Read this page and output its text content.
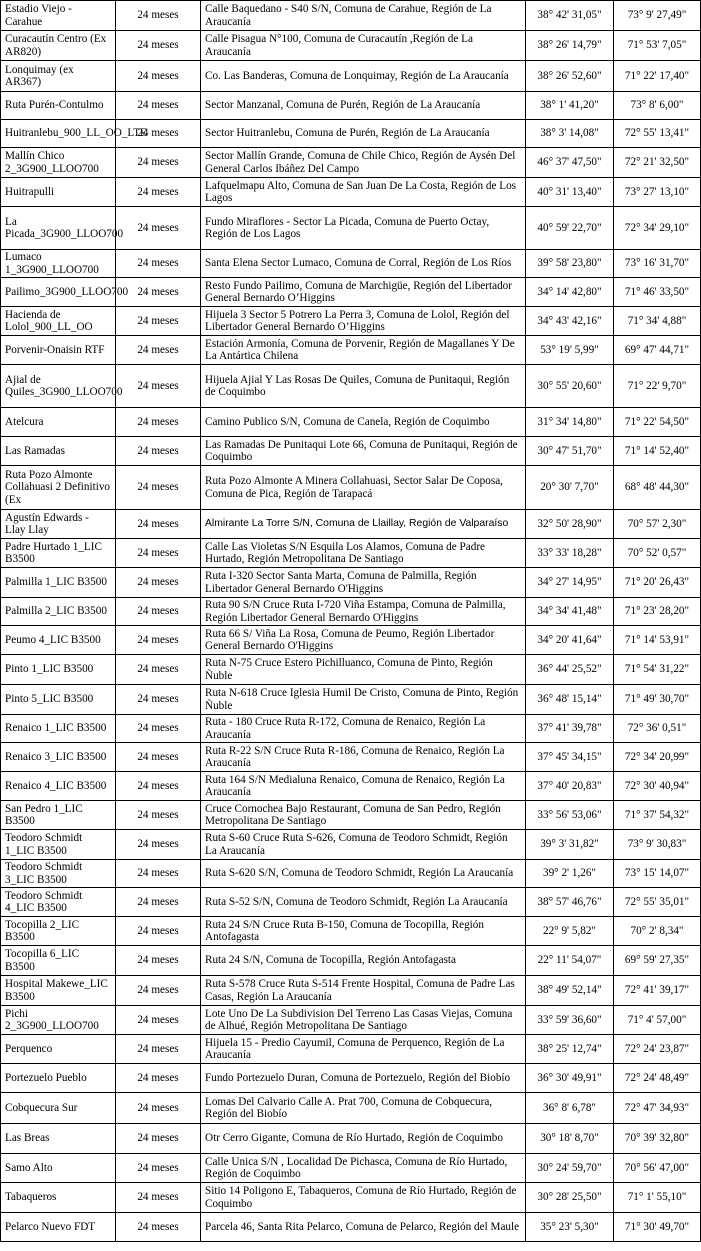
Estadio Viejo - Carahue	24 meses	Calle Baquedano - S40 S/N, Comuna de Carahue, Región de La Araucanía	38° 42' 31,05"	73° 9' 27,49"
Curacautín Centro (Ex AR820)	24 meses	Calle Pisagua N°100, Comuna de Curacautín ,Región de La Araucanía	38° 26' 14,79"	71° 53' 7,05"
Lonquimay (ex AR367)	24 meses	Co. Las Banderas, Comuna de Lonquimay, Región de La Araucanía	38° 26' 52,60"	71° 22' 17,40"
Ruta Purén-Contulmo	24 meses	Sector Manzanal, Comuna de Purén, Región de La Araucanía	38° 1' 41,20"	73° 8' 6,00"
Huitranlebu_900_LL_OO_LTE	24 meses	Sector Huitranlebu, Comuna de Purén, Región de La Araucanía	38° 3' 14,08"	72° 55' 13,41"
Mallín Chico 2_3G900_LLOO700	24 meses	Sector Mallín Grande, Comuna de Chile Chico, Región de Aysén Del General Carlos Ibáñez Del Campo	46° 37' 47,50"	72° 21' 32,50"
Huitrapulli	24 meses	Lafquelmapu Alto, Comuna de San Juan De La Costa, Región de Los Lagos	40° 31' 13,40"	73° 27' 13,10"
La Picada_3G900_LLOO700	24 meses	Fundo Miraflores - Sector La Picada, Comuna de Puerto Octay, Región de Los Lagos	40° 59' 22,70"	72° 34' 29,10"
Lumaco 1_3G900_LLOO700	24 meses	Santa Elena Sector Lumaco, Comuna de Corral, Región de Los Ríos	39° 58' 23,80"	73° 16' 31,70"
Pailimo_3G900_LLOO700	24 meses	Resto Fundo Pailimo, Comuna de Marchigüe, Región del Libertador General Bernardo O’Higgins	34° 14' 42,80"	71° 46' 33,50"
Hacienda de Lolol_900_LL_OO	24 meses	Hijuela 3 Sector 5 Potrero La Perra 3, Comuna de Lolol, Región del Libertador General Bernardo O’Higgins	34° 43' 42,16"	71° 34' 4,88"
Porvenir-Onaisin RTF	24 meses	Estación Armonía, Comuna de Porvenir, Región de Magallanes Y De La Antártica Chilena	53° 19' 5,99"	69° 47' 44,71"
Ajial de Quiles_3G900_LLOO700	24 meses	Hijuela Ajial Y Las Rosas De Quiles, Comuna de Punitaqui, Región de Coquimbo	30° 55' 20,60"	71° 22' 9,70"
Atelcura	24 meses	Camino Publico S/N, Comuna de Canela, Región de Coquimbo	31° 34' 14,80"	71° 22' 54,50"
Las Ramadas	24 meses	Las Ramadas De Punitaqui Lote 66, Comuna de Punitaqui, Región de Coquimbo	30° 47' 51,70"	71° 14' 52,40"
Ruta Pozo Almonte Collahuasi 2 Definitivo (Ex	24 meses	Ruta Pozo Almonte A Minera Collahuasi, Sector Salar De Coposa, Comuna de Pica, Región de Tarapacá	20° 30' 7,70"	68° 48' 44,30"
Agustín Edwards - Llay Llay	24 meses	Almirante La Torre S/N, Comuna de Llaillay, Región de Valparaíso	32° 50' 28,90"	70° 57' 2,30"
Padre Hurtado 1_LIC B3500	24 meses	Calle Las Violetas S/N Esquila Los Alamos, Comuna de Padre Hurtado, Región Metropolitana De Santiago	33° 33' 18,28"	70° 52' 0,57"
Palmilla 1_LIC B3500	24 meses	Ruta I-320 Sector Santa Marta, Comuna de Palmilla, Región Libertador General Bernardo O'Higgins	34° 27' 14,95"	71° 20' 26,43"
Palmilla 2_LIC B3500	24 meses	Ruta 90 S/N Cruce Ruta I-720 Viña Estampa, Comuna de Palmilla, Región Libertador General Bernardo O'Higgins	34° 34' 41,48"	71° 23' 28,20"
Peumo 4_LIC B3500	24 meses	Ruta 66 S/ Viña La Rosa, Comuna de Peumo, Región Libertador General Bernardo O'Higgins	34° 20' 41,64"	71° 14' 53,91"
Pinto 1_LIC B3500	24 meses	Ruta N-75 Cruce Estero Pichilluanco, Comuna de Pinto, Región Ñuble	36° 44' 25,52"	71° 54' 31,22"
Pinto 5_LIC B3500	24 meses	Ruta N-618 Cruce Iglesia Humil De Cristo, Comuna de Pinto, Región Ñuble	36° 48' 15,14"	71° 49' 30,70"
Renaico 1_LIC B3500	24 meses	Ruta - 180 Cruce Ruta R-172, Comuna de Renaico, Región La Araucanía	37° 41' 39,78"	72° 36' 0,51"
Renaico 3_LIC B3500	24 meses	Ruta R-22 S/N Cruce Ruta R-186, Comuna de Renaico, Región La Araucanía	37° 45' 34,15"	72° 34' 20,99"
Renaico 4_LIC B3500	24 meses	Ruta 164 S/N Medialuna Renaico, Comuna de Renaico, Región La Araucanía	37° 40' 20,83"	72° 30' 40,94"
San Pedro 1_LIC B3500	24 meses	Cruce Cornochea Bajo Restaurant, Comuna de San Pedro, Región Metropolitana De Santiago	33° 56' 53,06"	71° 37' 54,32"
Teodoro Schmidt 1_LIC B3500	24 meses	Ruta S-60 Cruce Ruta S-626, Comuna de Teodoro Schmidt, Región La Araucanía	39° 3' 31,82"	73° 9' 30,83"
Teodoro Schmidt 3_LIC B3500	24 meses	Ruta S-620 S/N, Comuna de Teodoro Schmidt, Región La Araucanía	39° 2' 1,26"	73° 15' 14,07"
Teodoro Schmidt 4_LIC B3500	24 meses	Ruta S-52 S/N, Comuna de Teodoro Schmidt, Región La Araucanía	38° 57' 46,76"	72° 55' 35,01"
Tocopilla 2_LIC B3500	24 meses	Ruta 24 S/N Cruce Ruta B-150, Comuna de Tocopilla, Región Antofagasta	22° 9' 5,82"	70° 2' 8,34"
Tocopilla 6_LIC B3500	24 meses	Ruta 24 S/N, Comuna de Tocopilla, Región Antofagasta	22° 11' 54,07"	69° 59' 27,35"
Hospital Makewe_LIC B3500	24 meses	Ruta S-578 Cruce Ruta S-514 Frente Hospital, Comuna de Padre Las Casas, Región La Araucanía	38° 49' 52,14"	72° 41' 39,17"
Pichi 2_3G900_LLOO700	24 meses	Lote Uno De La Subdivision Del Terreno Las Casas Viejas, Comuna de Alhué, Región Metropolitana De Santiago	33° 59' 36,60"	71° 4' 57,00"
Perquenco	24 meses	Hijuela 15 - Predio Cayumil, Comuna de Perquenco, Región de La Araucanía	38° 25' 12,74"	72° 24' 23,87"
Portezuelo Pueblo	24 meses	Fundo Portezuelo Duran, Comuna de Portezuelo, Región del Biobío	36° 30' 49,91"	72° 24' 48,49"
Cobquecura Sur	24 meses	Lomas Del Calvario Calle A. Prat 700, Comuna de Cobquecura, Región del Biobío	36° 8' 6,78"	72° 47' 34,93"
Las Breas	24 meses	Otr Cerro Gigante, Comuna de Río Hurtado, Región de Coquimbo	30° 18' 8,70"	70° 39' 32,80"
Samo Alto	24 meses	Calle Unica S/N , Localidad De Pichasca, Comuna de Río Hurtado, Región de Coquimbo	30° 24' 59,70"	70° 56' 47,00"
Tabaqueros	24 meses	Sitio 14 Poligono E, Tabaqueros, Comuna de Río Hurtado, Región de Coquimbo	30° 28' 25,50"	71° 1' 55,10"
Pelarco Nuevo FDT	24 meses	Parcela 46, Santa Rita Pelarco, Comuna de Pelarco, Región del Maule	35° 23' 5,30"	71° 30' 49,70"
